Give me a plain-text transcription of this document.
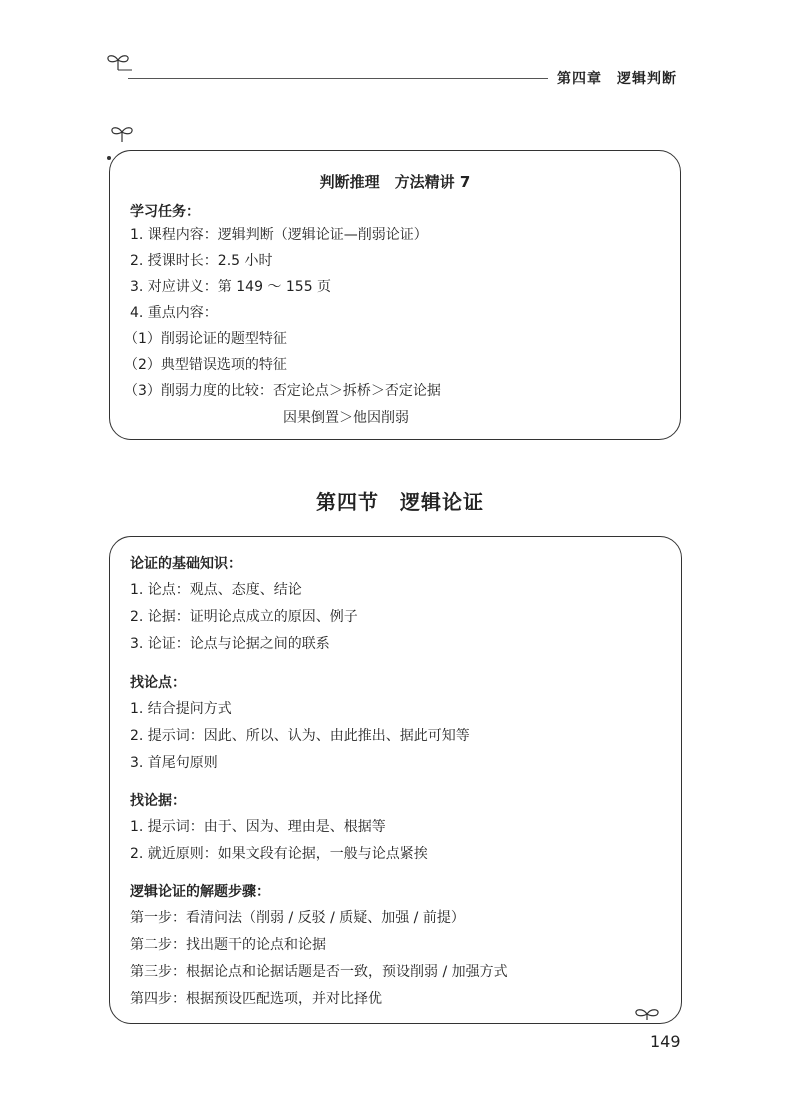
第四章　 逻辑判断
判断推理　方法精讲 7
学习任务：
1. 课程内容：逻辑判断（逻辑论证—削弱论证）
2. 授课时长：2.5 小时
3. 对应讲义：第 149 ～ 155 页
4. 重点内容：
（1）削弱论证的题型特征
（2）典型错误选项的特征
（3）削弱力度的比较：否定论点＞拆桥＞否定论据
因果倒置＞他因削弱
第四节　逻辑论证
论证的基础知识：
1. 论点：观点、态度、结论
2. 论据：证明论点成立的原因、例子
3. 论证：论点与论据之间的联系
找论点：
1. 结合提问方式
2. 提示词：因此、所以、认为、由此推出、据此可知等
3. 首尾句原则
找论据：
1. 提示词：由于、因为、理由是、根据等
2. 就近原则：如果文段有论据，一般与论点紧挨
逻辑论证的解题步骤：
第一步：看清问法（削弱 / 反驳 / 质疑、加强 / 前提）
第二步：找出题干的论点和论据
第三步：根据论点和论据话题是否一致，预设削弱 / 加强方式
第四步：根据预设匹配选项，并对比择优
149
